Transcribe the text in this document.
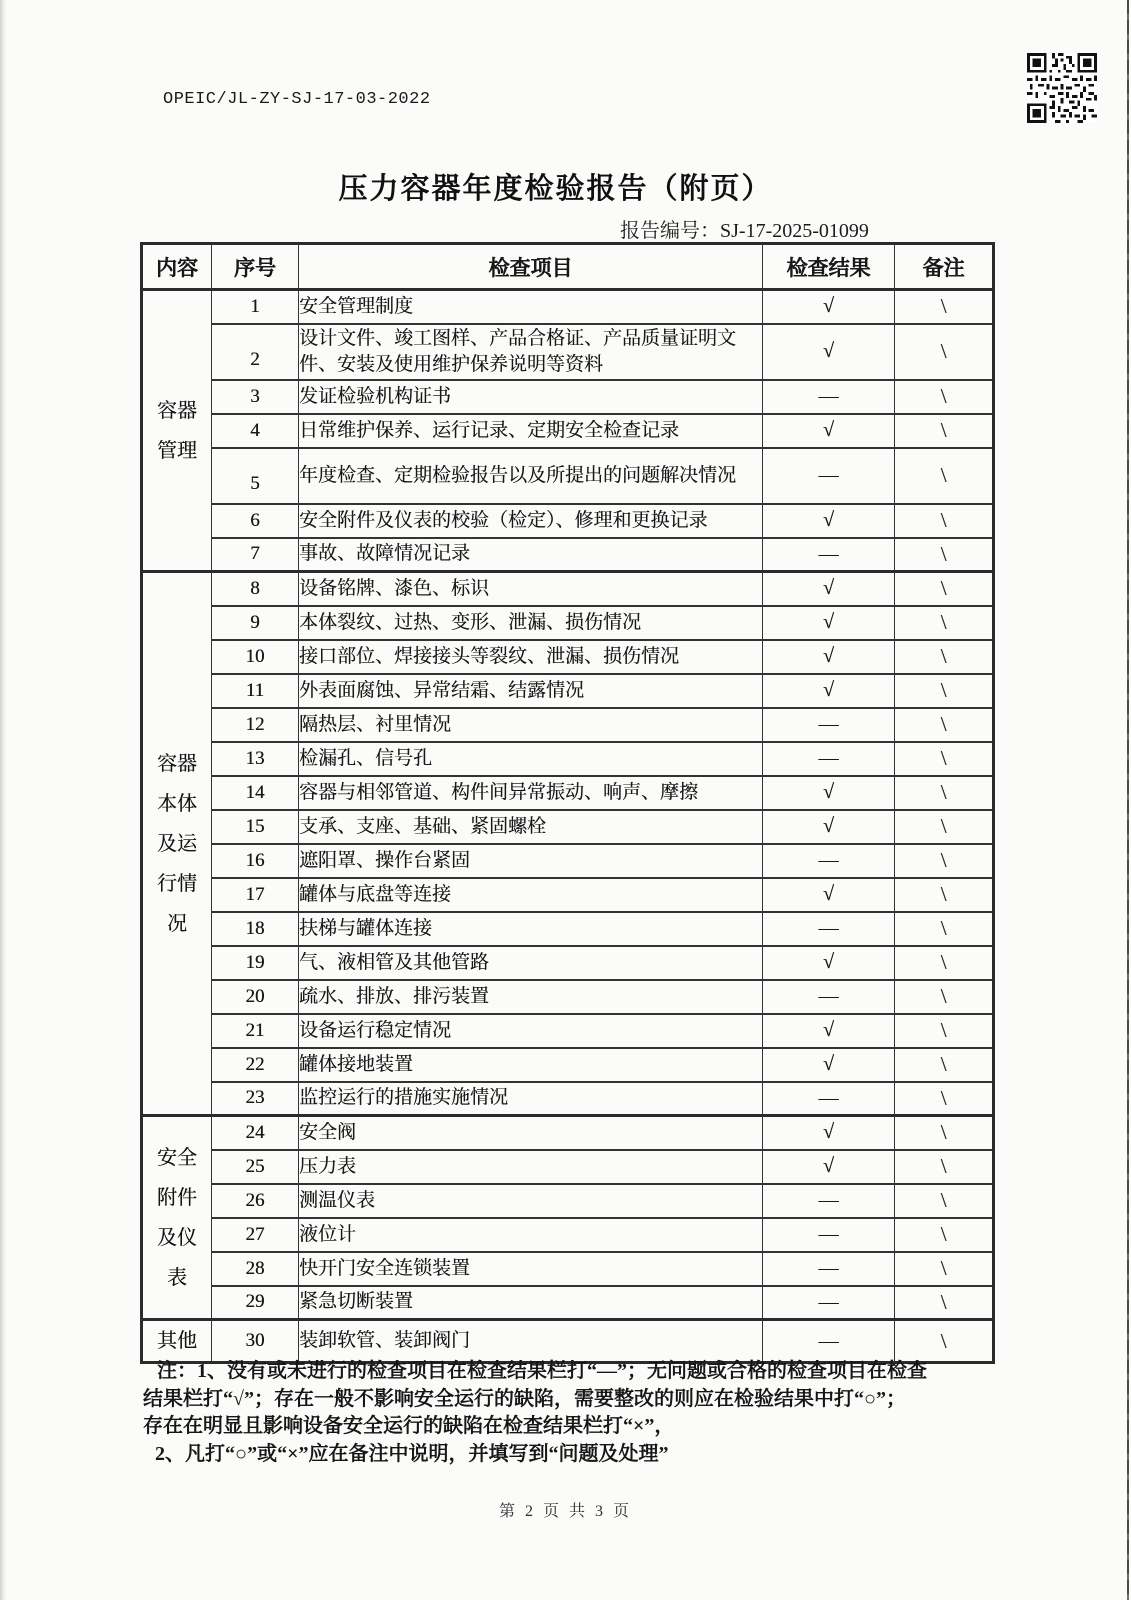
OPEIC/JL-ZY-SJ-17-03-2022
压力容器年度检验报告（附页）
报告编号：SJ-17-2025-01099
内容	序号	检查项目	检查结果	备注

容器
管理	1	安全管理制度	√	\
	2	设计文件、竣工图样、产品合格证、产品质量证明文件、安装及使用维护保养说明等资料	√	\
	3	发证检验机构证书	—	\
	4	日常维护保养、运行记录、定期安全检查记录	√	\
	5	年度检查、定期检验报告以及所提出的问题解决情况	—	\
	6	安全附件及仪表的校验（检定）、修理和更换记录	√	\
	7	事故、故障情况记录	—	\

容器
本体
及运
行情
况	8	设备铭牌、漆色、标识	√	\
	9	本体裂纹、过热、变形、泄漏、损伤情况	√	\
	10	接口部位、焊接接头等裂纹、泄漏、损伤情况	√	\
	11	外表面腐蚀、异常结霜、结露情况	√	\
	12	隔热层、衬里情况	—	\
	13	检漏孔、信号孔	—	\
	14	容器与相邻管道、构件间异常振动、响声、摩擦	√	\
	15	支承、支座、基础、紧固螺栓	√	\
	16	遮阳罩、操作台紧固	—	\
	17	罐体与底盘等连接	√	\
	18	扶梯与罐体连接	—	\
	19	气、液相管及其他管路	√	\
	20	疏水、排放、排污装置	—	\
	21	设备运行稳定情况	√	\
	22	罐体接地装置	√	\
	23	监控运行的措施实施情况	—	\

安全
附件
及仪
表	24	安全阀	√	\
	25	压力表	√	\
	26	测温仪表	—	\
	27	液位计	—	\
	28	快开门安全连锁装置	—	\
	29	紧急切断装置	—	\

其他	30	装卸软管、装卸阀门	—	\
注：1、没有或未进行的检查项目在检查结果栏打“—”；无问题或合格的检查项目在检查
结果栏打“√”；存在一般不影响安全运行的缺陷，需要整改的则应在检验结果中打“○”；
存在在明显且影响设备安全运行的缺陷在检查结果栏打“×”，
2、凡打“○”或“×”应在备注中说明，并填写到“问题及处理”
第 2 页 共 3 页
